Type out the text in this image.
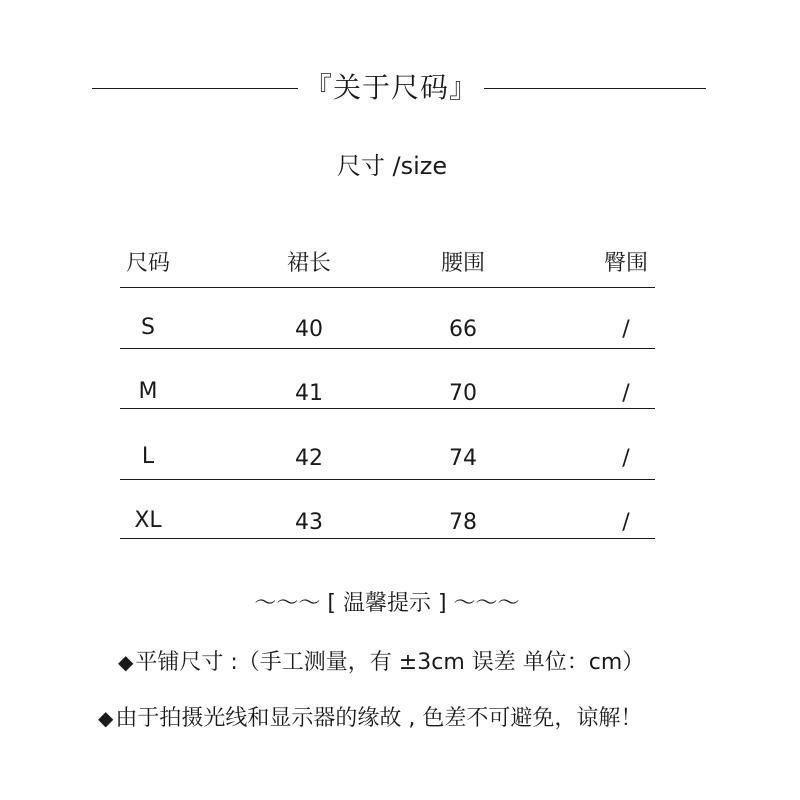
『关于尺码』
尺寸 /size
尺码	裙长	腰围	臀围
S	40	66	/
M	41	70	/
L	42	74	/
XL	43	78	/
～～～ [ 温馨提示 ] ～～～
◆平铺尺寸 :（手工测量，有 ±3cm 误差 单位：cm）
◆由于拍摄光线和显示器的缘故 , 色差不可避免，谅解！
